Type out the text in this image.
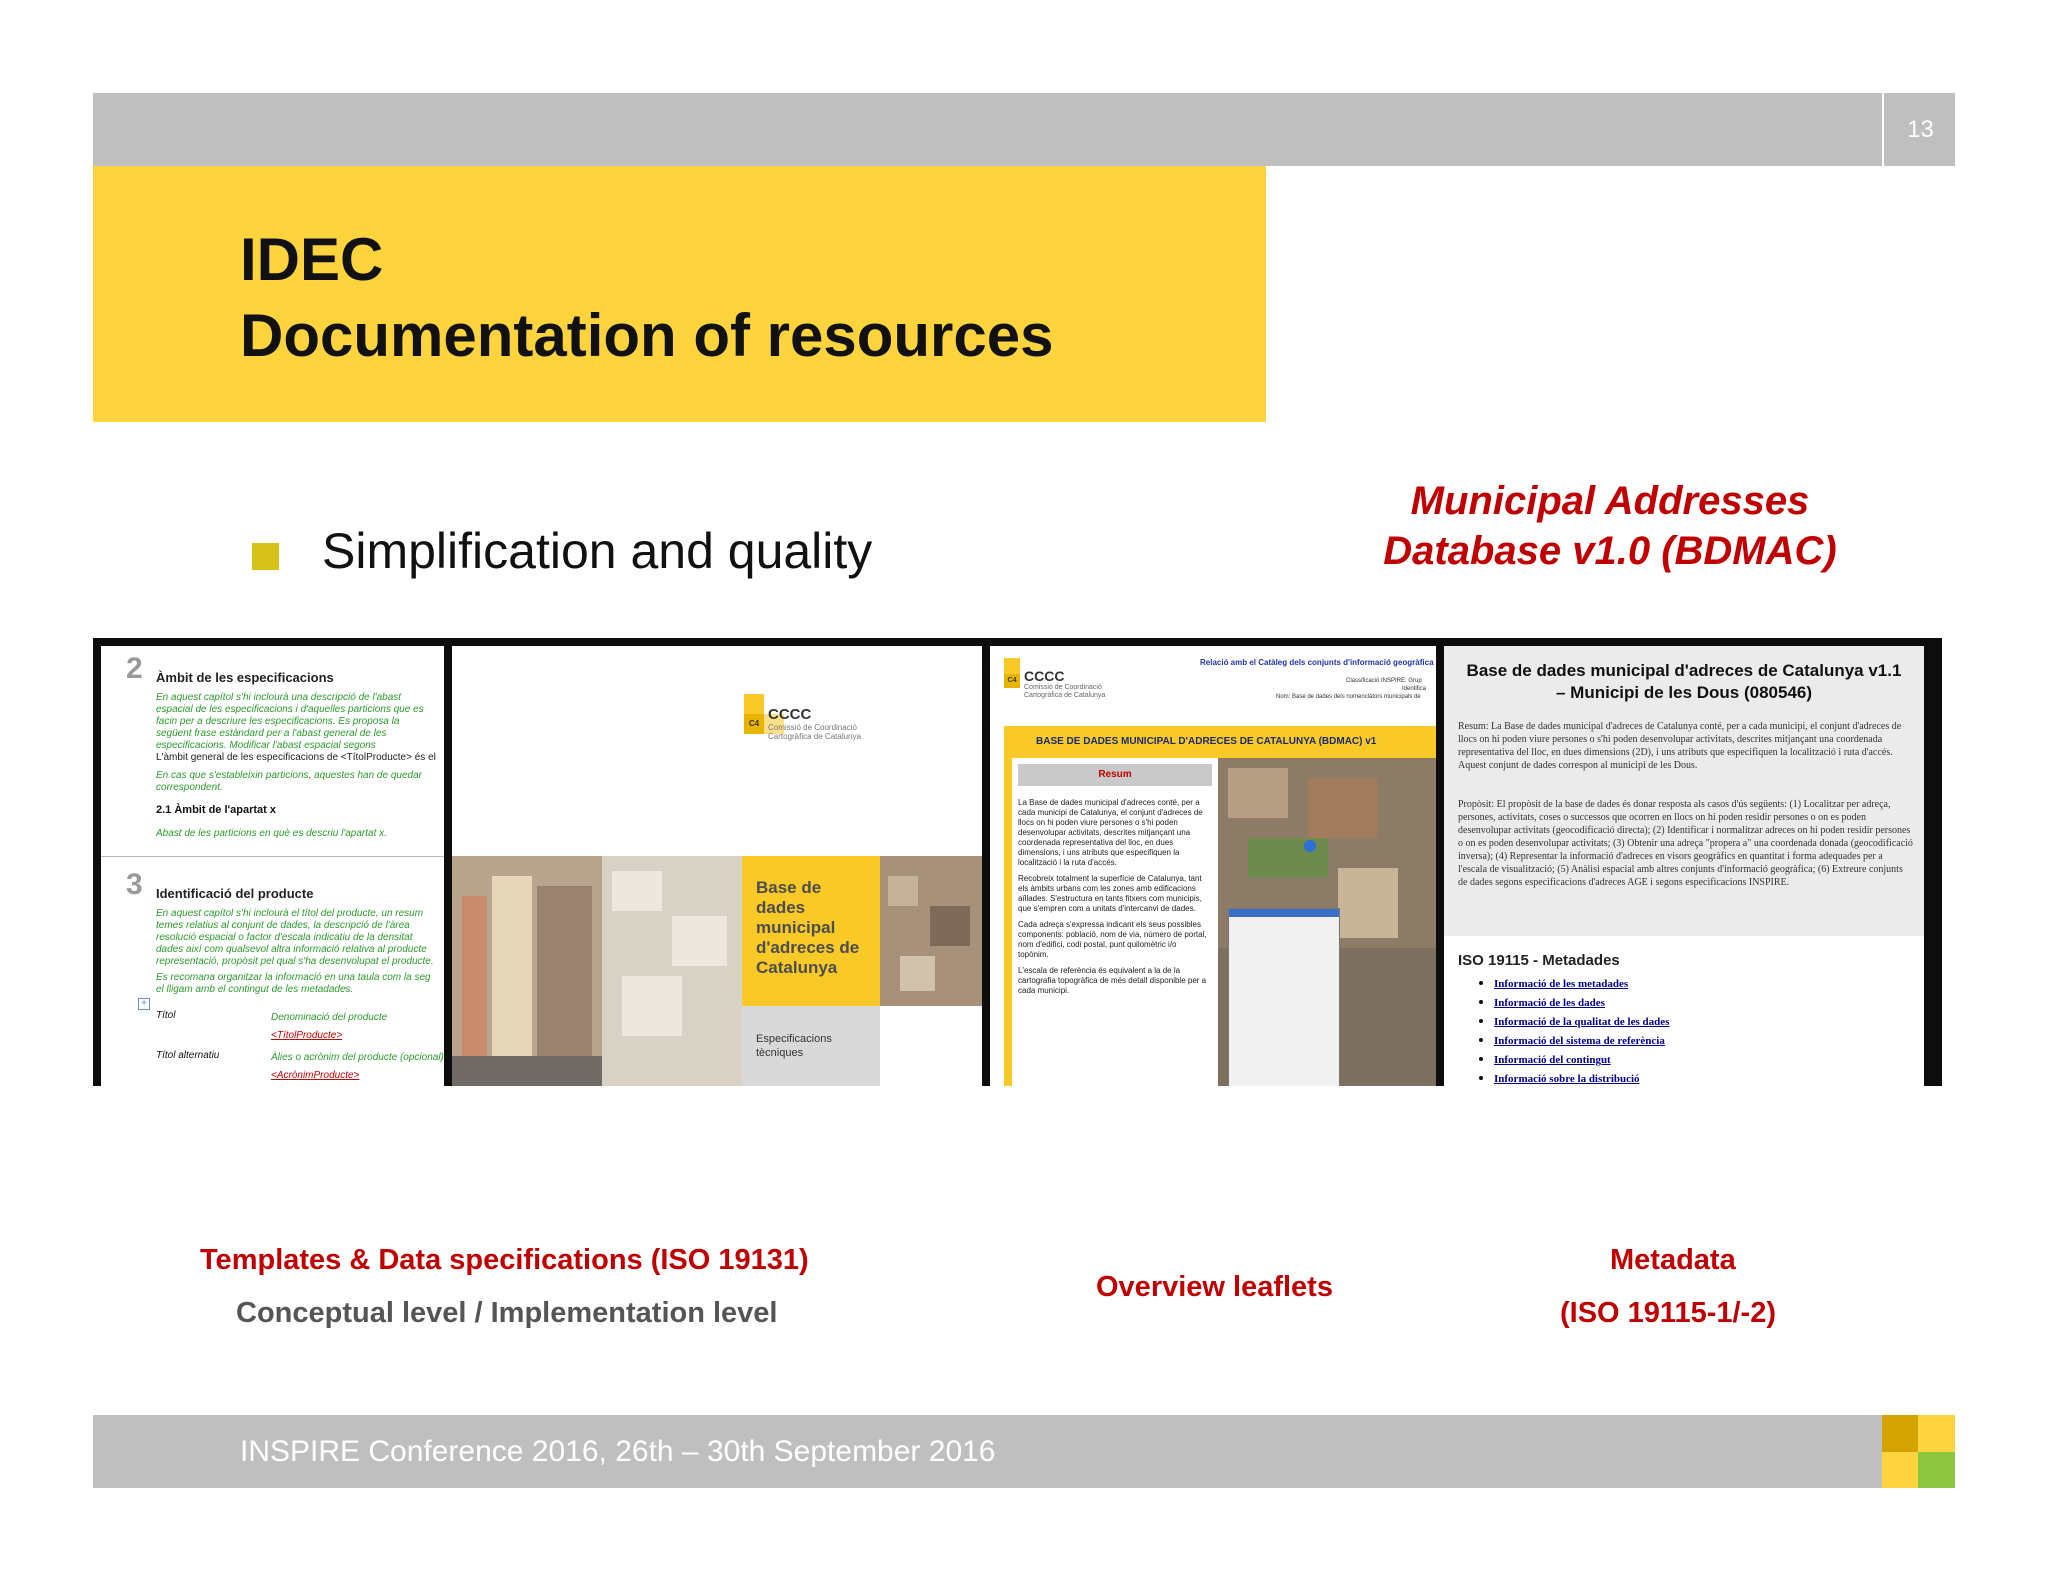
13
IDEC
Documentation of resources
Simplification and quality
Municipal Addresses
Database v1.0 (BDMAC)
2 Àmbit de les especificacions
En aquest capítol s'hi inclourà una descripció de l'abast espacial de les especificacions i d'aquelles particions que es facin per a descriure les especificacions. Es proposa la següent frase estàndard per a l'abast general de les especificacions. Modificar l'abast espacial segons
L'àmbit general de les especificacions de <TítolProducte> és el
En cas que s'estableixin particions, aquestes han de quedar correspondent.
2.1 Àmbit de l'apartat x
Abast de les particions en què es descriu l'apartat x.
3 Identificació del producte
En aquest capítol s'hi inclourà el títol del producte, un resum temes relatius al conjunt de dades, la descripció de l'àrea resolució espacial o factor d'escala indicatiu de la densitat dades així com qualsevol altra informació relativa al producte representació, propòsit pel qual s'ha desenvolupat el producte.
Es recomana organitzar la informació en una taula com la seg el lligam amb el contingut de les metadades.
+
Títol	Denominació del producte
<TítolProducte>
Títol alternatiu	Àlies o acrònim del producte (opcional)
<AcrònimProducte>
C4
CCCC
Comissió de Coordinació
Cartogràfica de Catalunya
Base de dades municipal d'adreces de Catalunya
Especificacions tècniques
C4 CCCC
Comissió de Coordinació
Cartogràfica de Catalunya
Relació amb el Catàleg dels conjunts d'informació geogràfica
Classificació INSPIRE: Grup
Identifica
Nom: Base de dades dels nomenclàtors municipals de
BASE DE DADES MUNICIPAL D'ADRECES DE CATALUNYA (BDMAC) v1
Resum
La Base de dades municipal d'adreces conté, per a cada municipi de Catalunya, el conjunt d'adreces de llocs on hi poden viure persones o s'hi poden desenvolupar activitats, descrites mitjançant una coordenada representativa del lloc, en dues dimensions, i uns atributs que especifiquen la localització i la ruta d'accés.
Recobreix totalment la superfície de Catalunya, tant els àmbits urbans com les zones amb edificacions aïllades. S'estructura en tants fitxers com municipis, que s'empren com a unitats d'intercanvi de dades.
Cada adreça s'expressa indicant els seus possibles components: població, nom de via, número de portal, nom d'edifici, codi postal, punt quilomètric i/o topònim.
L'escala de referència és equivalent a la de la cartografia topogràfica de més detall disponible per a cada municipi.
Base de dades municipal d'adreces de Catalunya v1.1 – Municipi de les Dous (080546)
Resum: La Base de dades municipal d'adreces de Catalunya conté, per a cada municipi, el conjunt d'adreces de llocs on hi poden viure persones o s'hi poden desenvolupar activitats, descrites mitjançant una coordenada representativa del lloc, en dues dimensions (2D), i uns atributs que especifiquen la localització i ruta d'accés. Aquest conjunt de dades correspon al municipi de les Dous.
Propòsit: El propòsit de la base de dades és donar resposta als casos d'ús següents: (1) Localitzar per adreça, persones, activitats, coses o successos que ocorren en llocs on hi poden residir persones o on es poden desenvolupar activitats (geocodificació directa); (2) Identificar i normalitzar adreces on hi poden residir persones o on es poden desenvolupar activitats; (3) Obtenir una adreça "propera a" una coordenada donada (geocodificació inversa); (4) Representar la informació d'adreces en visors geogràfics en quantitat i forma adequades per a l'escala de visualització; (5) Anàlisi espacial amb altres conjunts d'informació geogràfica; (6) Extreure conjunts de dades segons especificacions d'adreces AGE i segons especificacions INSPIRE.
ISO 19115 - Metadades
• Informació de les metadades
• Informació de les dades
• Informació de la qualitat de les dades
• Informació del sistema de referència
• Informació del contingut
• Informació sobre la distribució
Templates & Data specifications (ISO 19131)
Conceptual level / Implementation level
Overview leaflets
Metadata
(ISO 19115-1/-2)
INSPIRE Conference 2016, 26th – 30th September 2016
